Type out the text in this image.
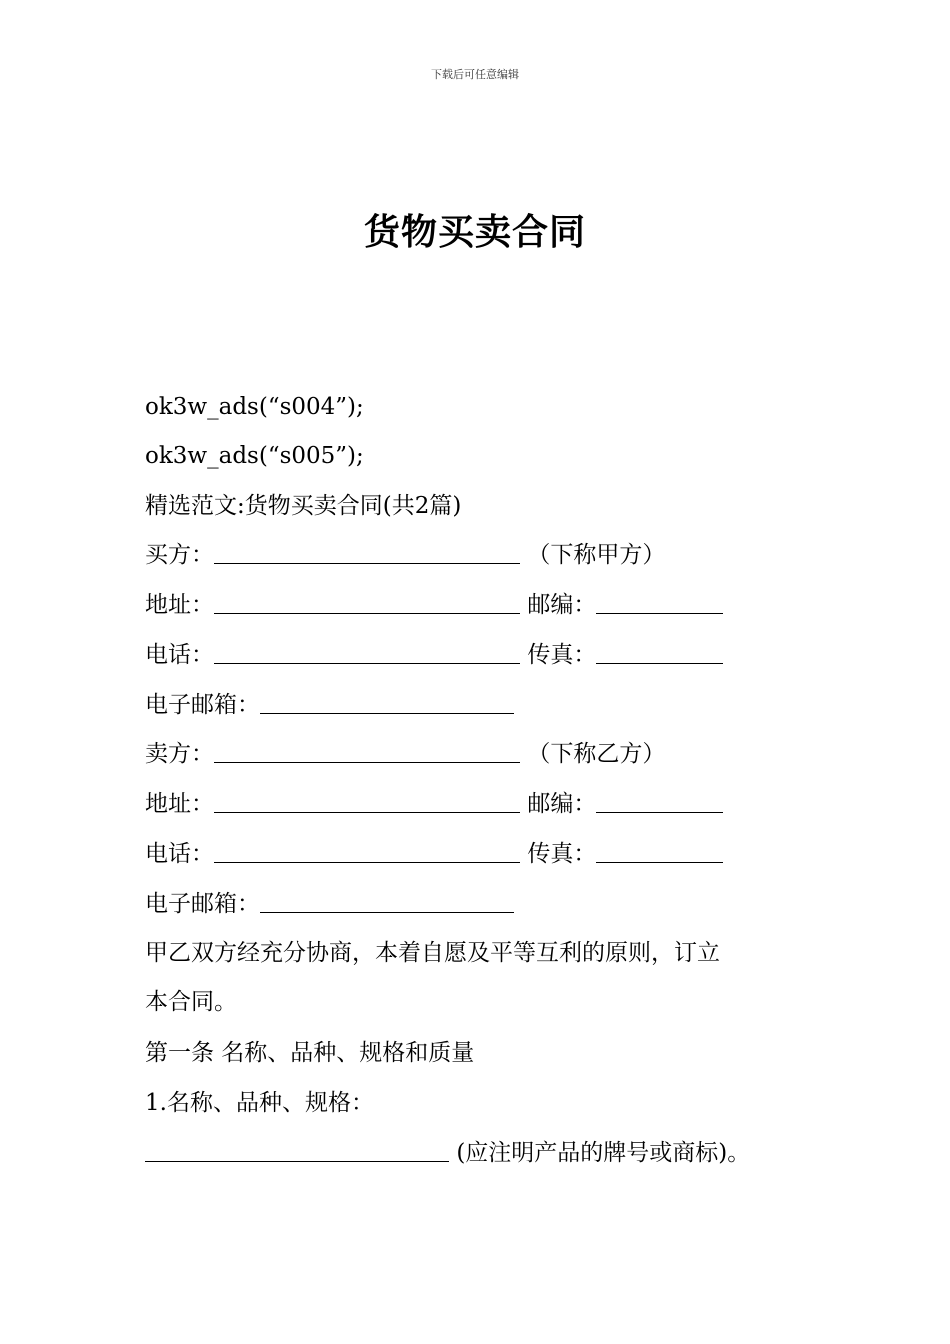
下载后可任意编辑
货物买卖合同
ok3w_ads(“s004”);
ok3w_ads(“s005”);
精选范文:货物买卖合同(共2篇)
买方：	（下称甲方）
地址：	邮编：
电话：	传真：
电子邮箱：
卖方：	（下称乙方）
地址：	邮编：
电话：	传真：
电子邮箱：
甲乙双方经充分协商，本着自愿及平等互利的原则，订立
本合同。
第一条 名称、品种、规格和质量
1.名称、品种、规格：
(应注明产品的牌号或商标)。
